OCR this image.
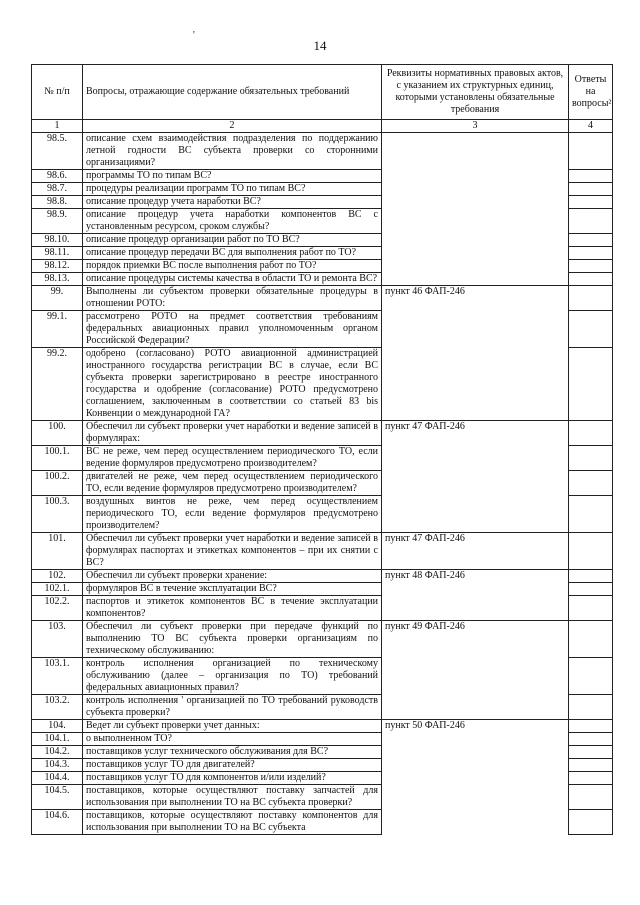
14
'
№ п/п	Вопросы, отражающие содержание обязательных требований	Реквизиты нормативных правовых актов, с указанием их структурных единиц, которыми установлены обязательные требования	Ответы на вопросы²
1	2	3	4
98.5.	описание схем взаимодействия подразделения по поддержанию летной годности ВС субъекта проверки со сторонними организациями?		
98.6.	программы ТО по типам ВС?		
98.7.	процедуры реализации программ ТО по типам ВС?		
98.8.	описание процедур учета наработки ВС?		
98.9.	описание процедур учета наработки компонентов ВС с установленным ресурсом, сроком службы?		
98.10.	описание процедур организации работ по ТО ВС?		
98.11.	описание процедур передачи ВС для выполнения работ по ТО?		
98.12.	порядок приемки ВС после выполнения работ по ТО?		
98.13.	описание процедуры системы качества в области ТО и ремонта ВС?		
99.	Выполнены ли субъектом проверки обязательные процедуры в отношении РОТО:	пункт 46 ФАП-246	
99.1.	рассмотрено РОТО на предмет соответствия требованиям федеральных авиационных правил уполномоченным органом Российской Федерации?		
99.2.	одобрено (согласовано) РОТО авиационной администрацией иностранного государства регистрации ВС в случае, если ВС субъекта проверки зарегистрировано в реестре иностранного государства и одобрение (согласование) РОТО предусмотрено соглашением, заключенным в соответствии со статьей 83 bis Конвенции о международной ГА?		
100.	Обеспечил ли субъект проверки учет наработки и ведение записей в формулярах:	пункт 47 ФАП-246	
100.1.	ВС не реже, чем перед осуществлением периодического ТО, если ведение формуляров предусмотрено производителем?		
100.2.	двигателей не реже, чем перед осуществлением периодического ТО, если ведение формуляров предусмотрено производителем?		
100.3.	воздушных винтов не реже, чем перед осуществлением периодического ТО, если ведение формуляров предусмотрено производителем?		
101.	Обеспечил ли субъект проверки учет наработки и ведение записей в формулярах паспортах и этикетках компонентов – при их снятии с ВС?	пункт 47 ФАП-246	
102.	Обеспечил ли субъект проверки хранение:	пункт 48 ФАП-246	
102.1.	формуляров ВС в течение эксплуатации ВС?		
102.2.	паспортов и этикеток компонентов ВС в течение эксплуатации компонентов?		
103.	Обеспечил ли субъект проверки при передаче функций по выполнению ТО ВС субъекта проверки организациям по техническому обслуживанию:	пункт 49 ФАП-246	
103.1.	контроль исполнения организацией по техническому обслуживанию (далее – организация по ТО) требований федеральных авиационных правил?		
103.2.	контроль исполнения ' организацией по ТО требований руководств субъекта проверки?		
104.	Ведет ли субъект проверки учет данных:	пункт 50 ФАП-246	
104.1.	о выполненном ТО?		
104.2.	поставщиков услуг технического обслуживания для ВС?		
104.3.	поставщиков услуг ТО для двигателей?		
104.4.	поставщиков услуг ТО для компонентов и/или изделий?		
104.5.	поставщиков, которые осуществляют поставку запчастей для использования при выполнении ТО на ВС субъекта проверки?		
104.6.	поставщиков, которые осуществляют поставку компонентов для использования при выполнении ТО на ВС субъекта		
